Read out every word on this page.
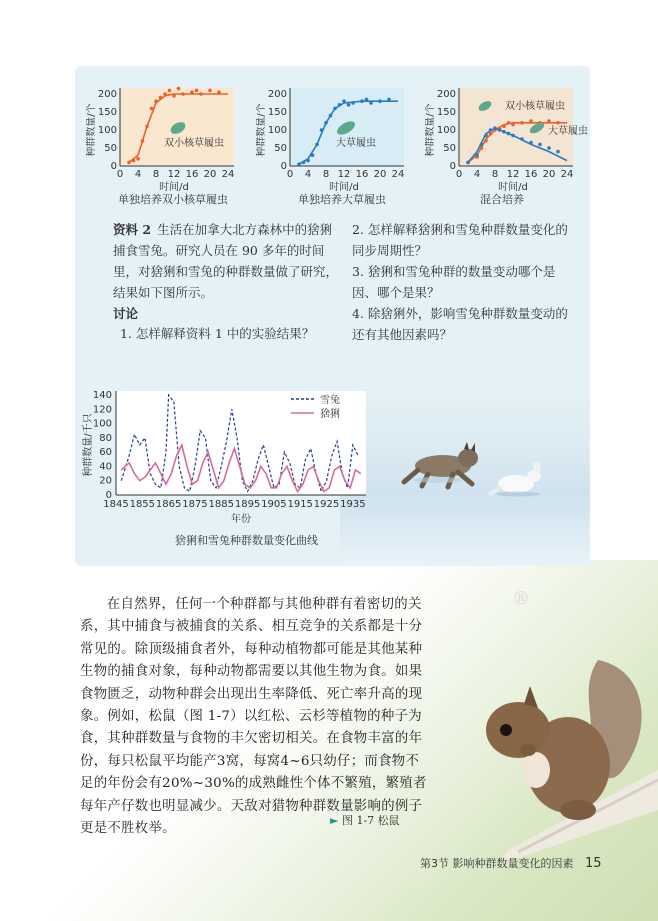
0 4 8 12 16 20 24
0
50
100
150
200
时间/d
种群数量/个	双小核草履虫
0 4 8 12 16 20 24
0
50
100
150
200
时间/d
种群数量/个	大草履虫
0 4 8 12 16 20 24
0
50
100
150
200
时间/d
种群数量/个	双小核草履虫
大草履虫
单独培养双小核草履虫	单独培养大草履虫	混合培养
资料 2 生活在加拿大北方森林中的猞猁捕食雪兔。研究人员在 90 多年的时间里，对猞猁和雪兔的种群数量做了研究，结果如下图所示。
讨论
1. 怎样解释资料 1 中的实验结果？
2. 怎样解释猞猁和雪兔种群数量变化的同步周期性？
3. 猞猁和雪兔种群的数量变动哪个是因、哪个是果？
4. 除猞猁外，影响雪兔种群数量变动的还有其他因素吗？
1845 1855 1865 1875 1885 1895 1905 1915 1925 1935
0
20
40
60
80
100
120
140
年份
种群数量/千只
雪兔
猞猁
猞猁和雪兔种群数量变化曲线
在自然界，任何一个种群都与其他种群有着密切的关系，其中捕食与被捕食的关系、相互竞争的关系都是十分常见的。除顶级捕食者外，每种动植物都可能是其他某种生物的捕食对象，每种动物都需要以其他生物为食。如果食物匮乏，动物种群会出现出生率降低、死亡率升高的现象。例如，松鼠（图 1-7）以红松、云杉等植物的种子为食，其种群数量与食物的丰欠密切相关。在食物丰富的年份，每只松鼠平均能产3窝，每窝4~6只幼仔；而食物不足的年份会有20%~30%的成熟雌性个体不繁殖，繁殖者每年产仔数也明显减少。天敌对猎物种群数量影响的例子更是不胜枚举。
► 图 1-7 松鼠
®
第3节 影响种群数量变化的因素 15
